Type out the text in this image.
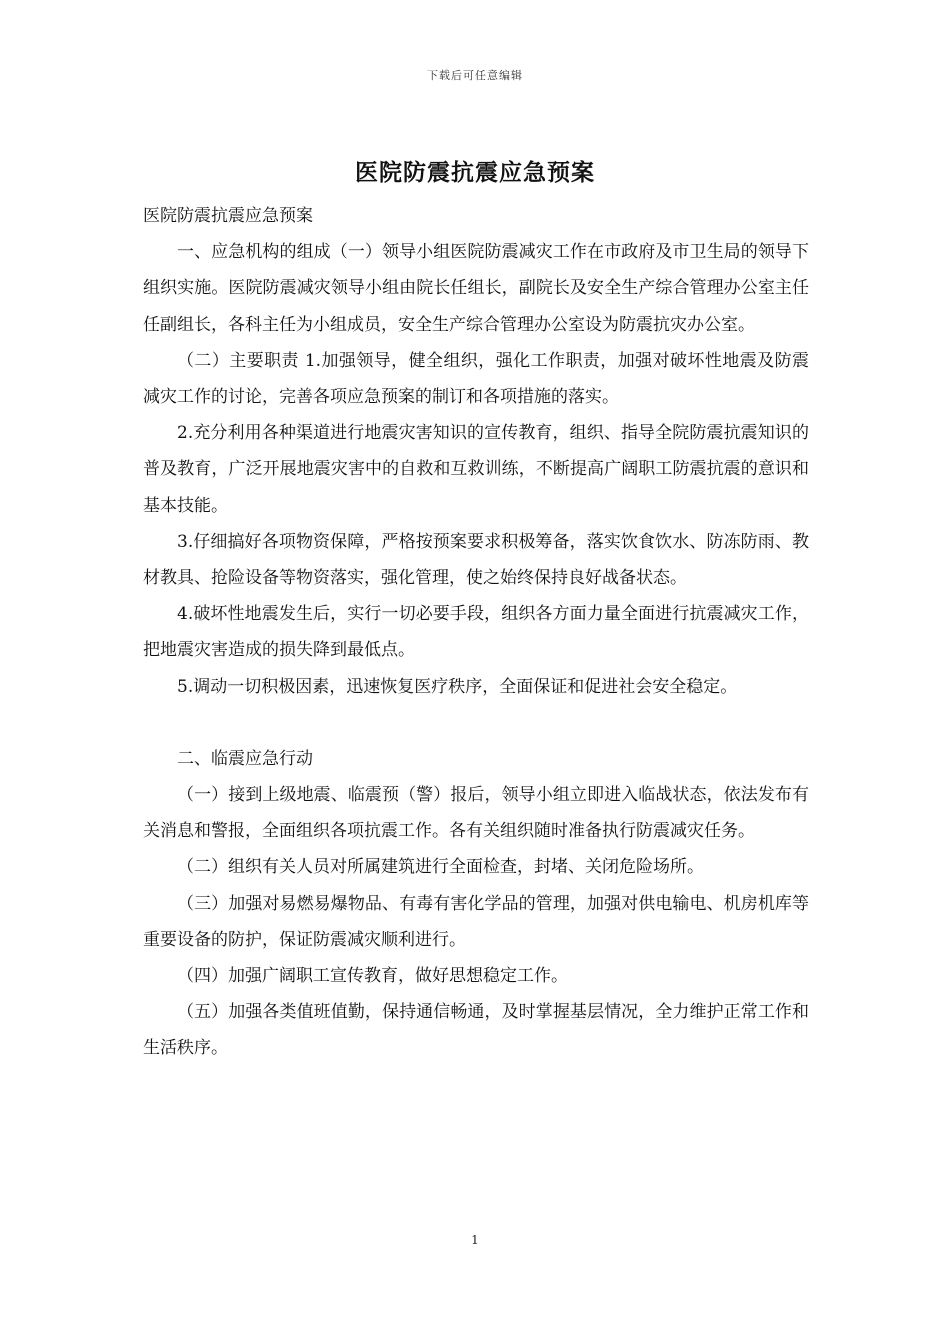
下载后可任意编辑
医院防震抗震应急预案

医院防震抗震应急预案

一、应急机构的组成（一）领导小组医院防震减灾工作在市政府及市卫生局的领导下组织实施。医院防震减灾领导小组由院长任组长，副院长及安全生产综合管理办公室主任任副组长，各科主任为小组成员，安全生产综合管理办公室设为防震抗灾办公室。

（二）主要职责 1.加强领导，健全组织，强化工作职责，加强对破坏性地震及防震减灾工作的讨论，完善各项应急预案的制订和各项措施的落实。

2.充分利用各种渠道进行地震灾害知识的宣传教育，组织、指导全院防震抗震知识的普及教育，广泛开展地震灾害中的自救和互救训练，不断提高广阔职工防震抗震的意识和基本技能。

3.仔细搞好各项物资保障，严格按预案要求积极筹备，落实饮食饮水、防冻防雨、教材教具、抢险设备等物资落实，强化管理，使之始终保持良好战备状态。

4.破坏性地震发生后，实行一切必要手段，组织各方面力量全面进行抗震减灾工作，把地震灾害造成的损失降到最低点。

5.调动一切积极因素，迅速恢复医疗秩序，全面保证和促进社会安全稳定。

二、临震应急行动

（一）接到上级地震、临震预（警）报后，领导小组立即进入临战状态，依法发布有关消息和警报，全面组织各项抗震工作。各有关组织随时准备执行防震减灾任务。

（二）组织有关人员对所属建筑进行全面检查，封堵、关闭危险场所。

（三）加强对易燃易爆物品、有毒有害化学品的管理，加强对供电输电、机房机库等重要设备的防护，保证防震减灾顺利进行。

（四）加强广阔职工宣传教育，做好思想稳定工作。

（五）加强各类值班值勤，保持通信畅通，及时掌握基层情况，全力维护正常工作和生活秩序。

1
